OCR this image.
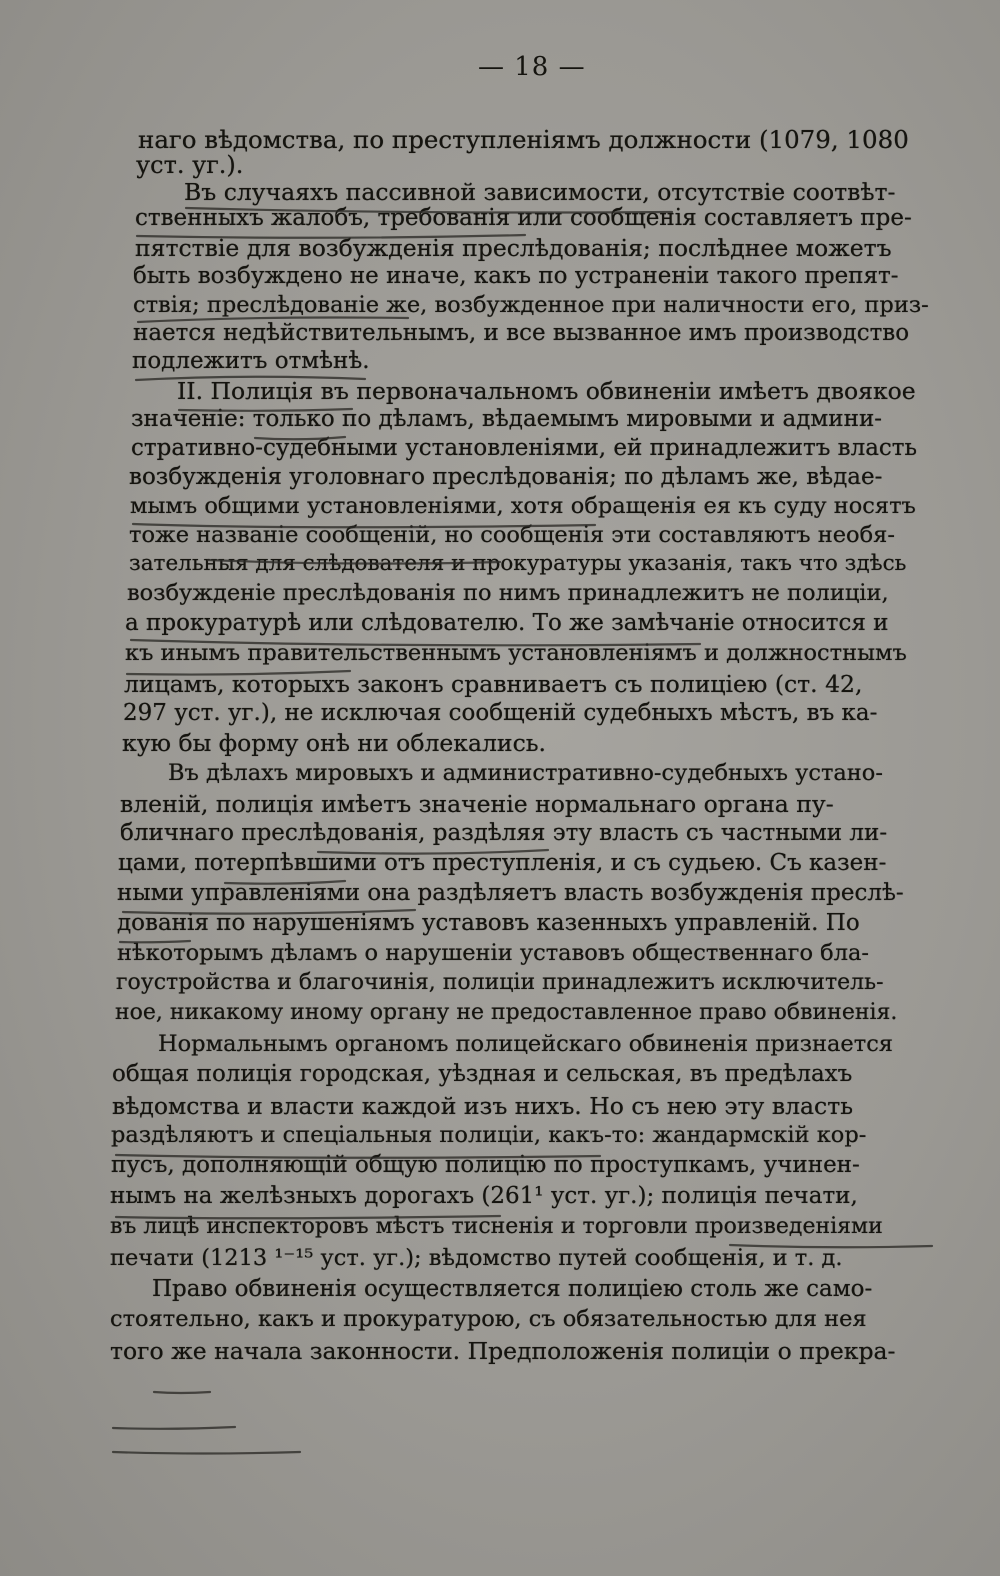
— 18 —
наго вѣдомства, по преступленіямъ должности (1079, 1080
уст. уг.).
Въ случаяхъ пассивной зависимости, отсутствіе соотвѣт-
ственныхъ жалобъ, требованія или сообщенія составляетъ пре-
пятствіе для возбужденія преслѣдованія; послѣднее можетъ
быть возбуждено не иначе, какъ по устраненіи такого препят-
ствія; преслѣдованіе же, возбужденное при наличности его, приз-
нается недѣйствительнымъ, и все вызванное имъ производство
подлежитъ отмѣнѣ.
II. Полиція въ первоначальномъ обвиненіи имѣетъ двоякое
значеніе: только по дѣламъ, вѣдаемымъ мировыми и админи-
стративно-судебными установленіями, ей принадлежитъ власть
возбужденія уголовнаго преслѣдованія; по дѣламъ же, вѣдае-
мымъ общими установленіями, хотя обращенія ея къ суду носятъ
тоже названіе сообщеній, но сообщенія эти составляютъ необя-
зательныя для слѣдователя и прокуратуры указанія, такъ что здѣсь
возбужденіе преслѣдованія по нимъ принадлежитъ не полиціи,
а прокуратурѣ или слѣдователю. То же замѣчаніе относится и
къ инымъ правительственнымъ установленіямъ и должностнымъ
лицамъ, которыхъ законъ сравниваетъ съ полиціею (ст. 42,
297 уст. уг.), не исключая сообщеній судебныхъ мѣстъ, въ ка-
кую бы форму онѣ ни облекались.
Въ дѣлахъ мировыхъ и административно-судебныхъ устано-
вленій, полиція имѣетъ значеніе нормальнаго органа пу-
бличнаго преслѣдованія, раздѣляя эту власть съ частными ли-
цами, потерпѣвшими отъ преступленія, и съ судьею. Съ казен-
ными управленіями она раздѣляетъ власть возбужденія преслѣ-
дованія по нарушеніямъ уставовъ казенныхъ управленій. По
нѣкоторымъ дѣламъ о нарушеніи уставовъ общественнаго бла-
гоустройства и благочинія, полиціи принадлежитъ исключитель-
ное, никакому иному органу не предоставленное право обвиненія.
Нормальнымъ органомъ полицейскаго обвиненія признается
общая полиція городская, уѣздная и сельская, въ предѣлахъ
вѣдомства и власти каждой изъ нихъ. Но съ нею эту власть
раздѣляютъ и спеціальныя полиціи, какъ-то: жандармскій кор-
пусъ, дополняющій общую полицію по проступкамъ, учинен-
нымъ на желѣзныхъ дорогахъ (261¹ уст. уг.); полиція печати,
въ лицѣ инспекторовъ мѣстъ тисненія и торговли произведеніями
печати (1213 ¹⁻¹⁵ уст. уг.); вѣдомство путей сообщенія, и т. д.
Право обвиненія осуществляется полиціею столь же само-
стоятельно, какъ и прокуратурою, съ обязательностью для нея
того же начала законности. Предположенія полиціи о прекра-
